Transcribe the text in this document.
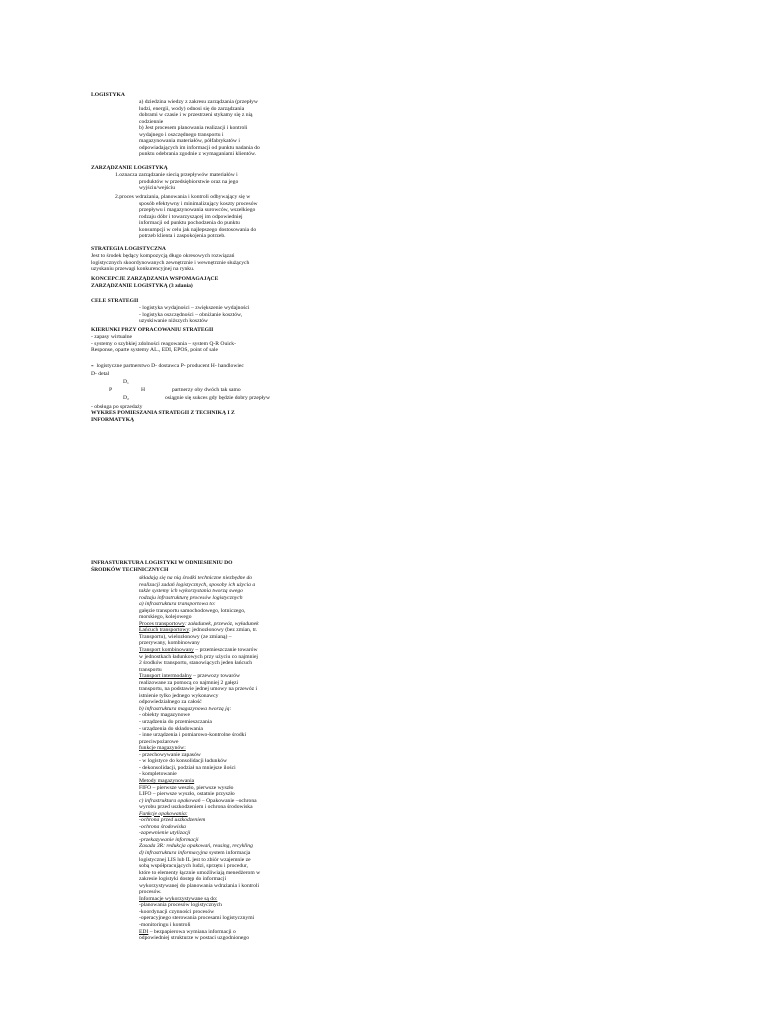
LOGISTYKA
a) dziedzina wiedzy z zakresu zarządzania (przepływ
ludzi, energii, wody) odnosi się do zarządzania
dobrami w czasie i w przestrzeni stykamy się z nią
codziennie
b) Jest procesem planowania realizacji i kontroli
wydajnego i oszczędnego transportu i
magazynowania materiałów, półfabrykatów i
odpowiadających im informacji od punktu nadania do
punktu odebrania zgodnie z wymaganiami klientów.
ZARZĄDZANIE LOGISTYKĄ
1.oznacza zarządzanie siecią przepływów materiałów i
produktów w przedsiębiorstwie oraz na jego
wyjściu/wejściu
2.proces wdrażania, planowania i kontroli odbywający się w
sposób efektywny i minimalizujący koszty procesów
przepływu i magazynowania surowców, wszelkiego
rodzaju dóbr i towarzyszącej im odpowiedniej
informacji od punktu pochodzenia do punktu
konsumpcji w celu jak najlepszego dostosowania do
potrzeb klienta i zaspokojenia potrzeb.
STRATEGIA LOGISTYCZNA
Jest to środek będący kompozycją długo okresowych rozwiązań
logistycznych skoordynowanych zewnętrznie i wewnętrznie służących
uzyskaniu przewagi konkurencyjnej na rynku.
KONCEPCJE ZARZĄDZANIA WSPOMAGAJĄCE
ZARZĄDZANIE LOGISTYKĄ (3 zdania)
CELE STRATEGII
- logistyka wydajności – zwiększenie wydajności
- logistyka oszczędności – obniżanie kosztów,
uzyskiwanie niższych kosztów
KIERUNKI PRZY OPRACOWANIU STRATEGII
- zapasy wirtualne
- systemy o szybkiej zdolności reagowania – system Q-R Ouick-
Response, oparte systemy AL., EDI, EPOS, point of sale
- logistyczne partnerstwo D- dostawca P- producent H- handlowiec
D- detal
D₁
P	H	partnerzy oby dwóch tak samo
D₂	osiągnie się sukces gdy będzie dobry przepływ
- obsługa po sprzedaży
WYKRES POMIESZANIA STRATEGII Z TECHNIKĄ I Z
INFORMATYKĄ
INFRASTURKTURA LOGISTYKI W ODNIESIENIU DO
ŚRODKÓW TECHNICZNYCH
składają się na nią środki techniczne niezbędne do
realizacji zadań logistycznych, sposoby ich użycia a
także systemy ich wykorzystania tworzą swego
rodzaju infrastrukturę procesów logistycznych
a) infrastruktura transportowa to:
gałęzie transportu samochodowego, lotniczego,
morskiego, kolejowego
Proces transportowy: załadunek, przewóz, wyładunek
Łańcuch transportowy: jednozłonowy (bez zmian, tr.
Transportu), wielozłonowy (ze zmianą) –
przerywany, kombinowany
Transport kombinowany – przemieszczanie towarów
w jednostkach ładunkowych przy użyciu co najmniej
2 środków transportu, stanowiących jeden łańcuch
transportu
Transport intermodalny – przewozy towarów
realizowane za pomocą co najmniej 2 gałęzi
transportu, na podstawie jednej umowy na przewóz i
istnienie tylko jednego wykonawcy
odpowiedzialnego za całość
b) infrastruktura magazynowa tworzą ją:
- obiekty magazynowe
- urządzenia do przemieszczania
- urządzenia do składowania
- inne urządzenia i pomiarowo-kontrolne środki
przeciwpożarowe
funkcje magazynów:
- przechowywanie zapasów
- w logistyce do konsolidacji ładunków
- dekonsolidacji, podział na mniejsze ilości
- kompletowanie
Metody magazynowania
FIFO – pierwsze weszło, pierwsze wyszło
LIFO – pierwsze wyszło, ostatnie przyszło
c) infrastruktura opakowań – Opakowanie –ochrona
wyrobu przed uszkodzeniem i ochrona środowiska
Funkcje opakowania:
-ochrona przed uszkodzeniem
-ochrona środowiska
-zapewnienie utylizacji
-przekazywanie informacji
Zasada 3R: redukcja opakowań, reusing, recykling
d) infrastruktura informacyjna system informacja
logistycznej LIS lub IL jest to zbiór wzajemnie ze
sobą współpracujących ludzi, sprzętu i procedur,
które to elementy łącznie umożliwiają menedżerom w
zakresie logistyki dostęp do informacji
wykorzystywanej do planowania wdrażania i kontroli
procesów.
Informacje wykorzystywane są do:
-planowania procesów logistycznych
-koordynacji czynności procesów
-operacyjnego sterowania procesami logistycznymi
-monitoringu i kontroli
EDI – bezpapierowa wymiana informacji o
odpowiedniej strukturze w postaci uzgodnionego
